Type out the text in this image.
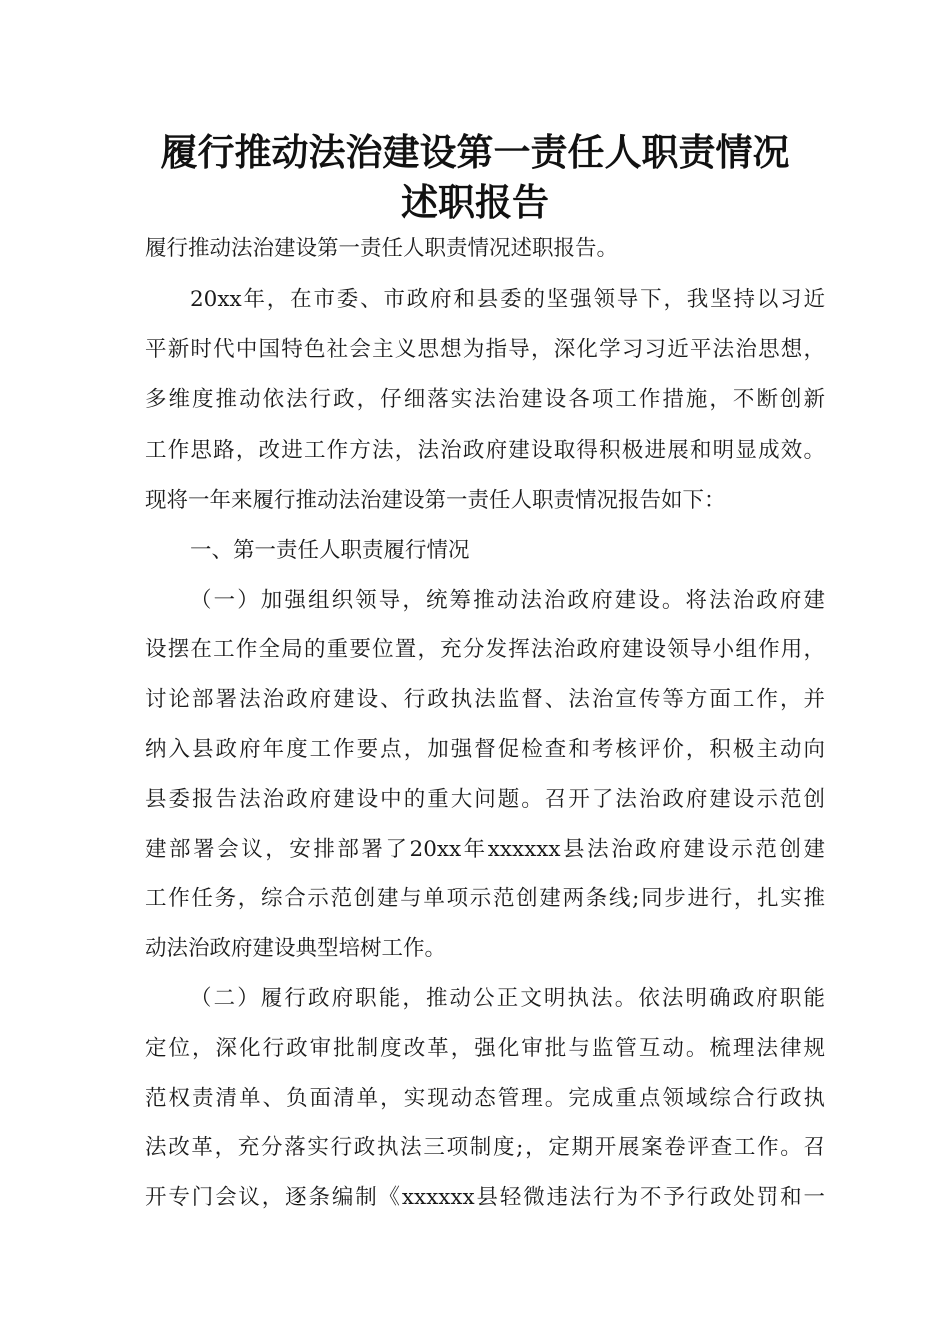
履行推动法治建设第一责任人职责情况
述职报告
履行推动法治建设第一责任人职责情况述职报告。
20xx年，在市委、市政府和县委的坚强领导下，我坚持以习近
平新时代中国特色社会主义思想为指导，深化学习习近平法治思想，
多维度推动依法行政，仔细落实法治建设各项工作措施，不断创新
工作思路，改进工作方法，法治政府建设取得积极进展和明显成效。
现将一年来履行推动法治建设第一责任人职责情况报告如下：
一、第一责任人职责履行情况
（一）加强组织领导，统筹推动法治政府建设。将法治政府建
设摆在工作全局的重要位置，充分发挥法治政府建设领导小组作用，
讨论部署法治政府建设、行政执法监督、法治宣传等方面工作，并
纳入县政府年度工作要点，加强督促检查和考核评价，积极主动向
县委报告法治政府建设中的重大问题。召开了法治政府建设示范创
建部署会议，安排部署了20xx年xxxxxx县法治政府建设示范创建
工作任务，综合示范创建与单项示范创建两条线;同步进行，扎实推
动法治政府建设典型培树工作。
（二）履行政府职能，推动公正文明执法。依法明确政府职能
定位，深化行政审批制度改革，强化审批与监管互动。梳理法律规
范权责清单、负面清单，实现动态管理。完成重点领域综合行政执
法改革，充分落实行政执法三项制度;，定期开展案卷评查工作。召
开专门会议，逐条编制《xxxxxx县轻微违法行为不予行政处罚和一
